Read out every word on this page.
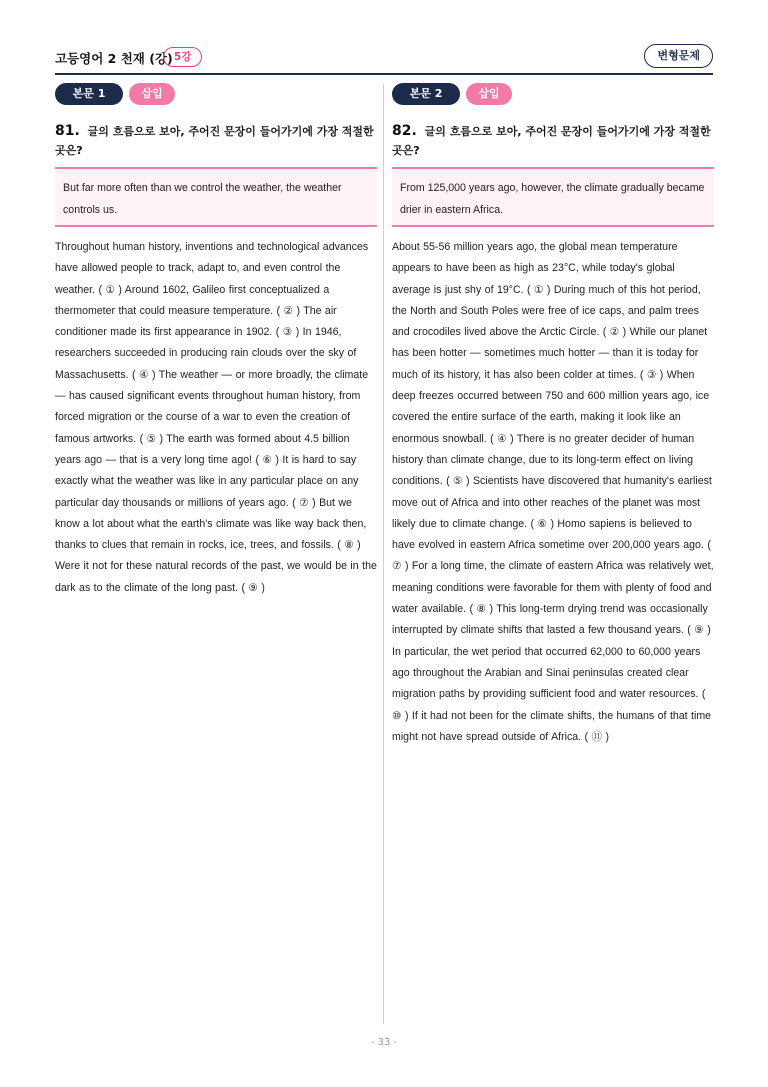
고등영어 2 천재 (강) 5강	변형문제
본문 1	삽입
81. 글의 흐름으로 보아, 주어진 문장이 들어가기에 가장 적절한 곳은?
But far more often than we control the weather, the weather controls us.
Throughout human history, inventions and technological advances have allowed people to track, adapt to, and even control the weather. ( ① ) Around 1602, Galileo first conceptualized a thermometer that could measure temperature. ( ② ) The air conditioner made its first appearance in 1902. ( ③ ) In 1946, researchers succeeded in producing rain clouds over the sky of Massachusetts. ( ④ ) The weather — or more broadly, the climate — has caused significant events throughout human history, from forced migration or the course of a war to even the creation of famous artworks. ( ⑤ ) The earth was formed about 4.5 billion years ago — that is a very long time ago! ( ⑥ ) It is hard to say exactly what the weather was like in any particular place on any particular day thousands or millions of years ago. ( ⑦ ) But we know a lot about what the earth's climate was like way back then, thanks to clues that remain in rocks, ice, trees, and fossils. ( ⑧ ) Were it not for these natural records of the past, we would be in the dark as to the climate of the long past. ( ⑨ )
본문 2	삽입
82. 글의 흐름으로 보아, 주어진 문장이 들어가기에 가장 적절한 곳은?
From 125,000 years ago, however, the climate gradually became drier in eastern Africa.
About 55-56 million years ago, the global mean temperature appears to have been as high as 23°C, while today's global average is just shy of 19°C. ( ① ) During much of this hot period, the North and South Poles were free of ice caps, and palm trees and crocodiles lived above the Arctic Circle. ( ② ) While our planet has been hotter — sometimes much hotter — than it is today for much of its history, it has also been colder at times. ( ③ ) When deep freezes occurred between 750 and 600 million years ago, ice covered the entire surface of the earth, making it look like an enormous snowball. ( ④ ) There is no greater decider of human history than climate change, due to its long-term effect on living conditions. ( ⑤ ) Scientists have discovered that humanity's earliest move out of Africa and into other reaches of the planet was most likely due to climate change. ( ⑥ ) Homo sapiens is believed to have evolved in eastern Africa sometime over 200,000 years ago. ( ⑦ ) For a long time, the climate of eastern Africa was relatively wet, meaning conditions were favorable for them with plenty of food and water available. ( ⑧ ) This long-term drying trend was occasionally interrupted by climate shifts that lasted a few thousand years. ( ⑨ ) In particular, the wet period that occurred 62,000 to 60,000 years ago throughout the Arabian and Sinai peninsulas created clear migration paths by providing sufficient food and water resources. ( ⑩ ) If it had not been for the climate shifts, the humans of that time might not have spread outside of Africa. ( ⑪ )
- 33 -
